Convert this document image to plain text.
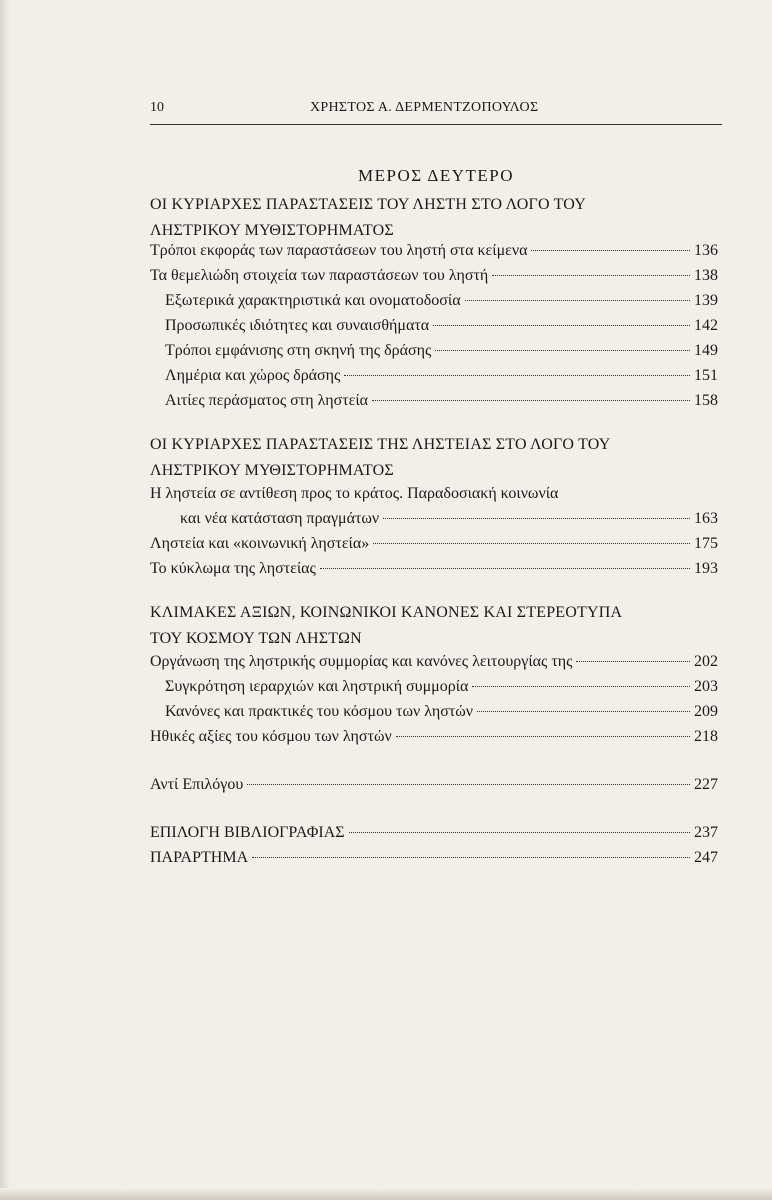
10	ΧΡΗΣΤΟΣ Α. ΔΕΡΜΕΝΤΖΟΠΟΥΛΟΣ
ΜΕΡΟΣ ΔΕΥΤΕΡΟ
ΟΙ ΚΥΡΙΑΡΧΕΣ ΠΑΡΑΣΤΑΣΕΙΣ ΤΟΥ ΛΗΣΤΗ ΣΤΟ ΛΟΓΟ ΤΟΥ
ΛΗΣΤΡΙΚΟΥ ΜΥΘΙΣΤΟΡΗΜΑΤΟΣ
Τρόποι εκφοράς των παραστάσεων του ληστή στα κείμενα	136
Τα θεμελιώδη στοιχεία των παραστάσεων του ληστή	138
Εξωτερικά χαρακτηριστικά και ονοματοδοσία	139
Προσωπικές ιδιότητες και συναισθήματα	142
Τρόποι εμφάνισης στη σκηνή της δράσης	149
Λημέρια και χώρος δράσης	151
Αιτίες περάσματος στη ληστεία	158
ΟΙ ΚΥΡΙΑΡΧΕΣ ΠΑΡΑΣΤΑΣΕΙΣ ΤΗΣ ΛΗΣΤΕΙΑΣ ΣΤΟ ΛΟΓΟ ΤΟΥ
ΛΗΣΤΡΙΚΟΥ ΜΥΘΙΣΤΟΡΗΜΑΤΟΣ
Η ληστεία σε αντίθεση προς το κράτος. Παραδοσιακή κοινωνία
και νέα κατάσταση πραγμάτων	163
Ληστεία και «κοινωνική ληστεία»	175
Το κύκλωμα της ληστείας	193
ΚΛΙΜΑΚΕΣ ΑΞΙΩΝ, ΚΟΙΝΩΝΙΚΟΙ ΚΑΝΟΝΕΣ ΚΑΙ ΣΤΕΡΕΟΤΥΠΑ
ΤΟΥ ΚΟΣΜΟΥ ΤΩΝ ΛΗΣΤΩΝ
Οργάνωση της ληστρικής συμμορίας και κανόνες λειτουργίας της	202
Συγκρότηση ιεραρχιών και ληστρική συμμορία	203
Κανόνες και πρακτικές του κόσμου των ληστών	209
Ηθικές αξίες του κόσμου των ληστών	218
Αντί Επιλόγου	227
ΕΠΙΛΟΓΗ ΒΙΒΛΙΟΓΡΑΦΙΑΣ	237
ΠΑΡΑΡΤΗΜΑ	247
